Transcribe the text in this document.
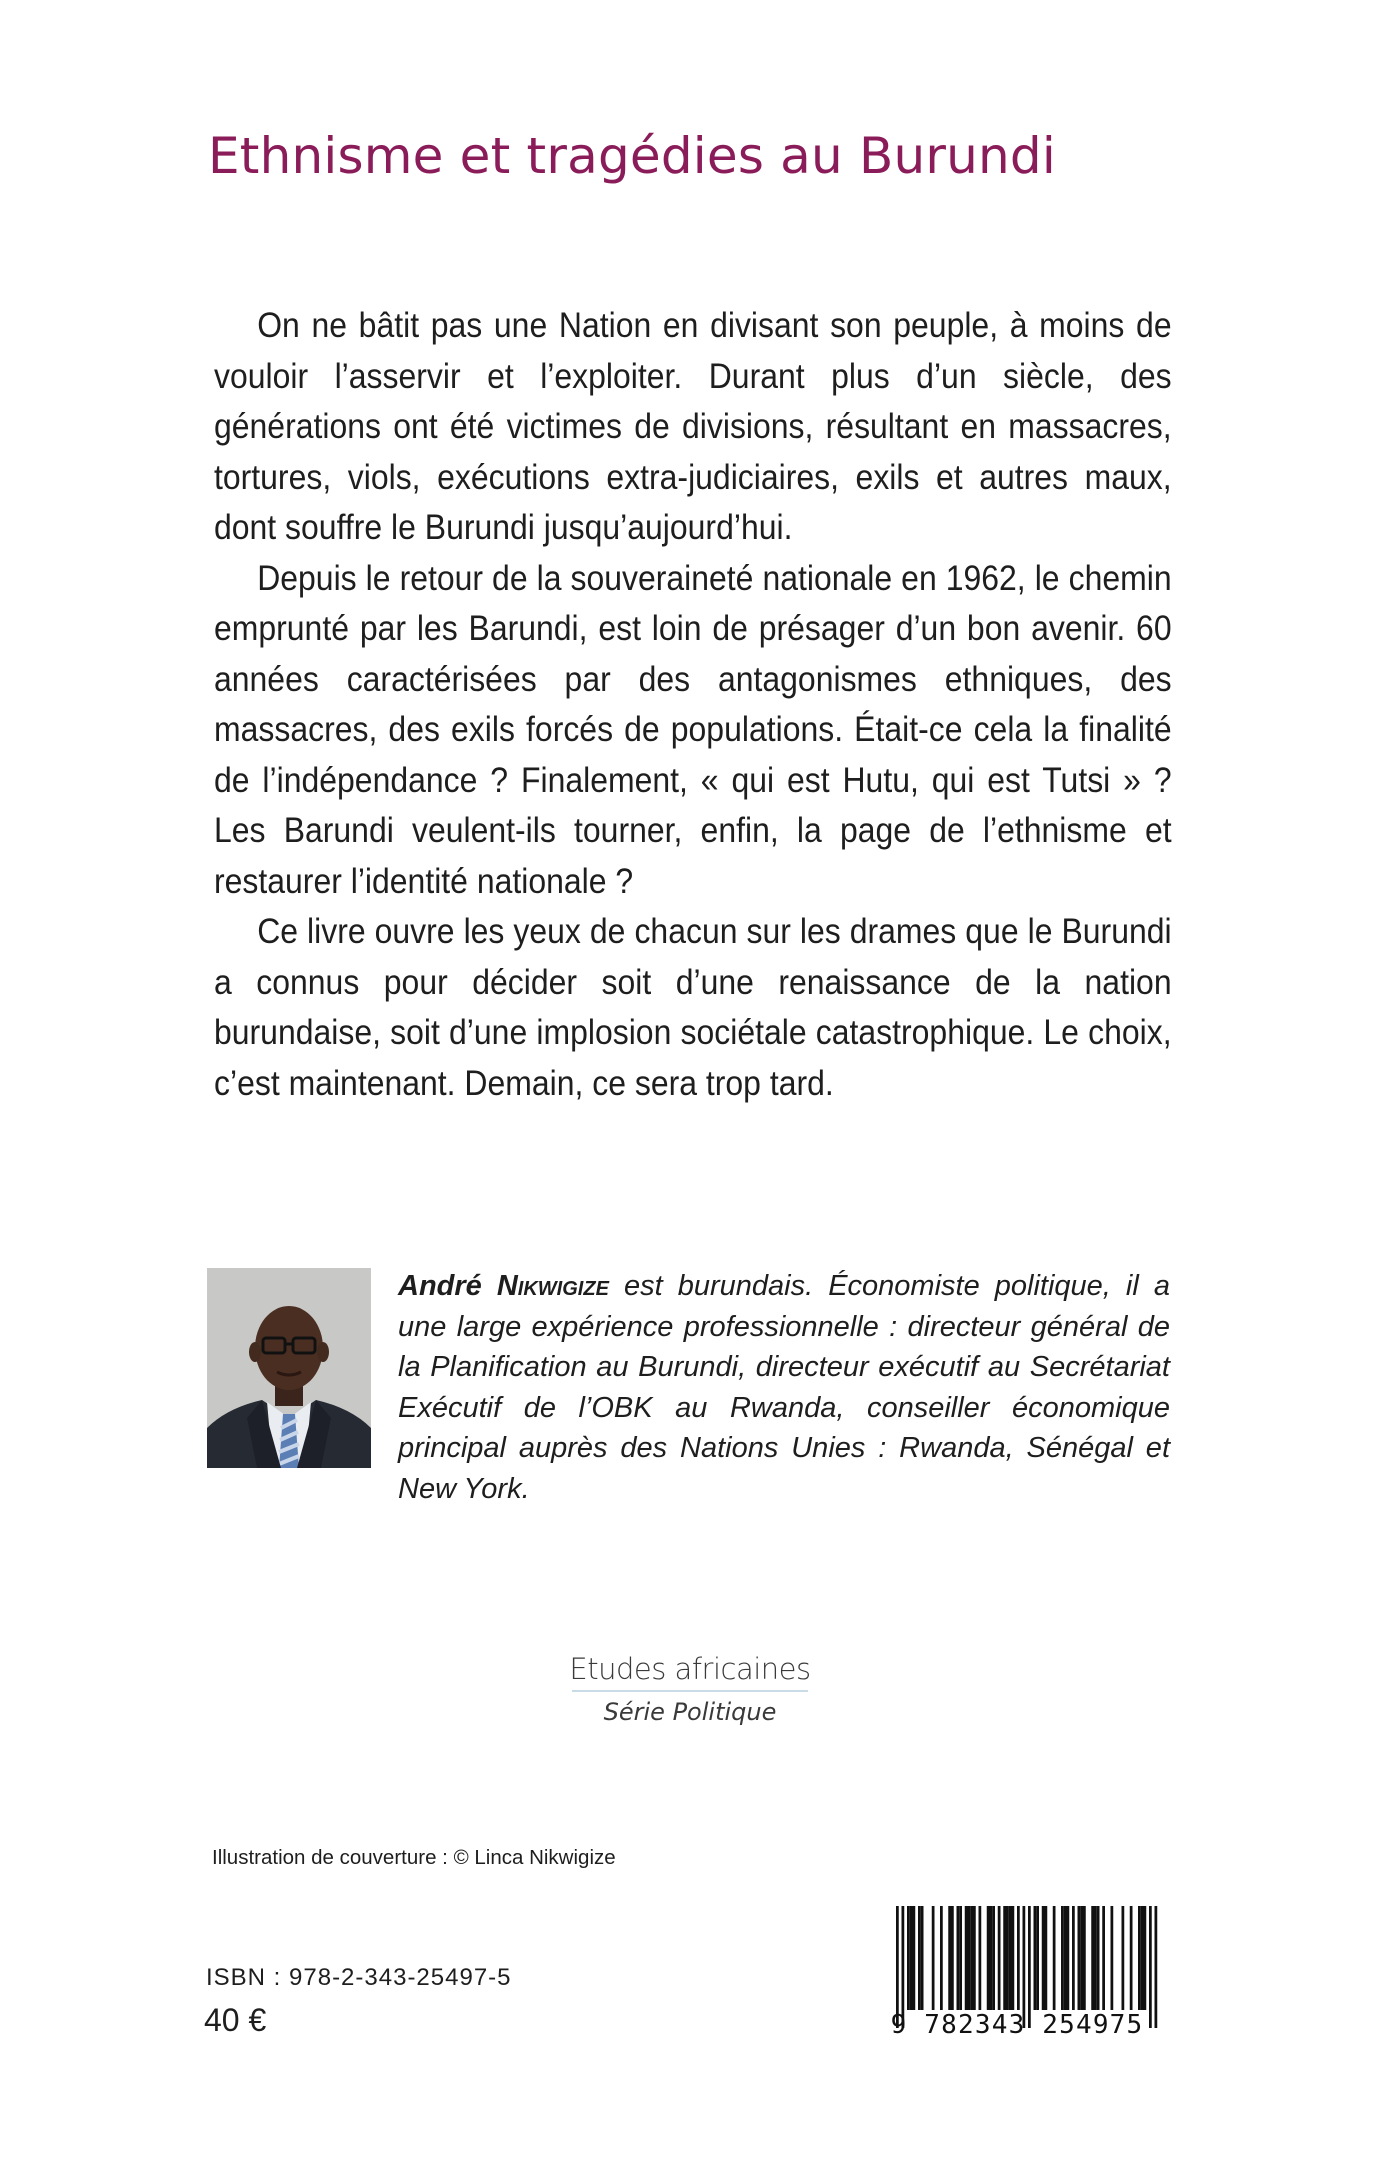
Ethnisme et tragédies au Burundi

On ne bâtit pas une Nation en divisant son peuple, à moins de vouloir l’asservir et l’exploiter. Durant plus d’un siècle, des générations ont été victimes de divisions, résultant en massacres, tortures, viols, exécutions extra-judiciaires, exils et autres maux, dont souffre le Burundi jusqu’aujourd’hui.

Depuis le retour de la souveraineté nationale en 1962, le chemin emprunté par les Barundi, est loin de présager d’un bon avenir. 60 années caractérisées par des antagonismes ethniques, des massacres, des exils forcés de populations. Était-ce cela la finalité de l’indépendance ? Finalement, « qui est Hutu, qui est Tutsi » ? Les Barundi veulent-ils tourner, enfin, la page de l’ethnisme et restaurer l’identité nationale ?

Ce livre ouvre les yeux de chacun sur les drames que le Burundi a connus pour décider soit d’une renaissance de la nation burundaise, soit d’une implosion sociétale catastrophique. Le choix, c’est maintenant. Demain, ce sera trop tard.

André Nikwigize est burundais. Économiste politique, il a une large expérience professionnelle : directeur général de la Planification au Burundi, directeur exécutif au Secrétariat Exécutif de l’OBK au Rwanda, conseiller économique principal auprès des Nations Unies : Rwanda, Sénégal et New York.
Etudes africaines
Série Politique
Illustration de couverture : © Linca Nikwigize
ISBN : 978-2-343-25497-5
40 €	9 782343 254975
